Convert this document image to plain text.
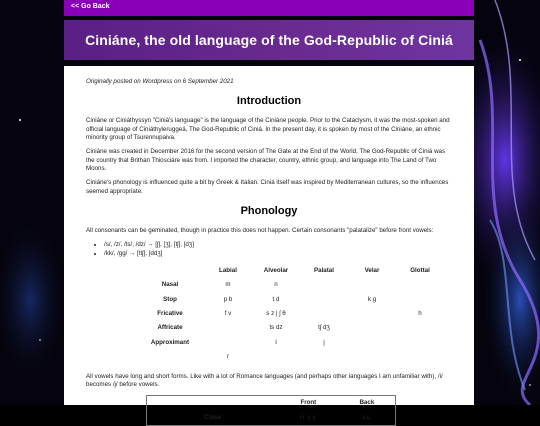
<< Go Back
Ciniáne, the old language of the God-Republic of Ciniá

Originally posted on Wordpress on 6 September 2021

Introduction

Ciniáne or Ciniáthyssyn "Ciniá's language" is the language of the Ciniáne people. Prior to the Cataclysm, it was the most-spoken and official language of Ciniáthyleruggeá, The God-Republic of Ciniá. In the present day, it is spoken by most of the Ciniáne, an ethnic minority group of Tsurennupaiva.

Ciniáne was created in December 2016 for the second version of The Gate at the End of the World. The God-Republic of Ciniá was the country that Brithan Thiosciáre was from. I imported the character, country, ethnic group, and language into The Land of Two Moons.

Ciniáne's phonology is influenced quite a bit by Greek & Italian. Ciniá itself was inspired by Mediterranean cultures, so the influences seemed appropriate.

Phonology

All consonants can be geminated, though in practice this does not happen. Certain consonants "palatalize" before front vowels:

• /s/, /z/, /ts/, /dz/ → [ʃ], [ʒ], [tʃ], [dʒ]
• /kk/, /gg/ → [ttʃ], [ddʒ]
	Labial	Alveolar	Palatal	Velar	Glottal
Nasal	m	n			
Stop	p b	t d		k g	
Fricative	f v	s z | ʃ θ			h
Affricate		ts dz	tʃ dʒ		
Approximant		l	j		
	r				

All vowels have long and short forms. Like with a lot of Romance languages (and perhaps other languages I am unfamiliar with), /i/ becomes /j/ before vowels.

	Front	Back
Close	i iː y yː	u uː
